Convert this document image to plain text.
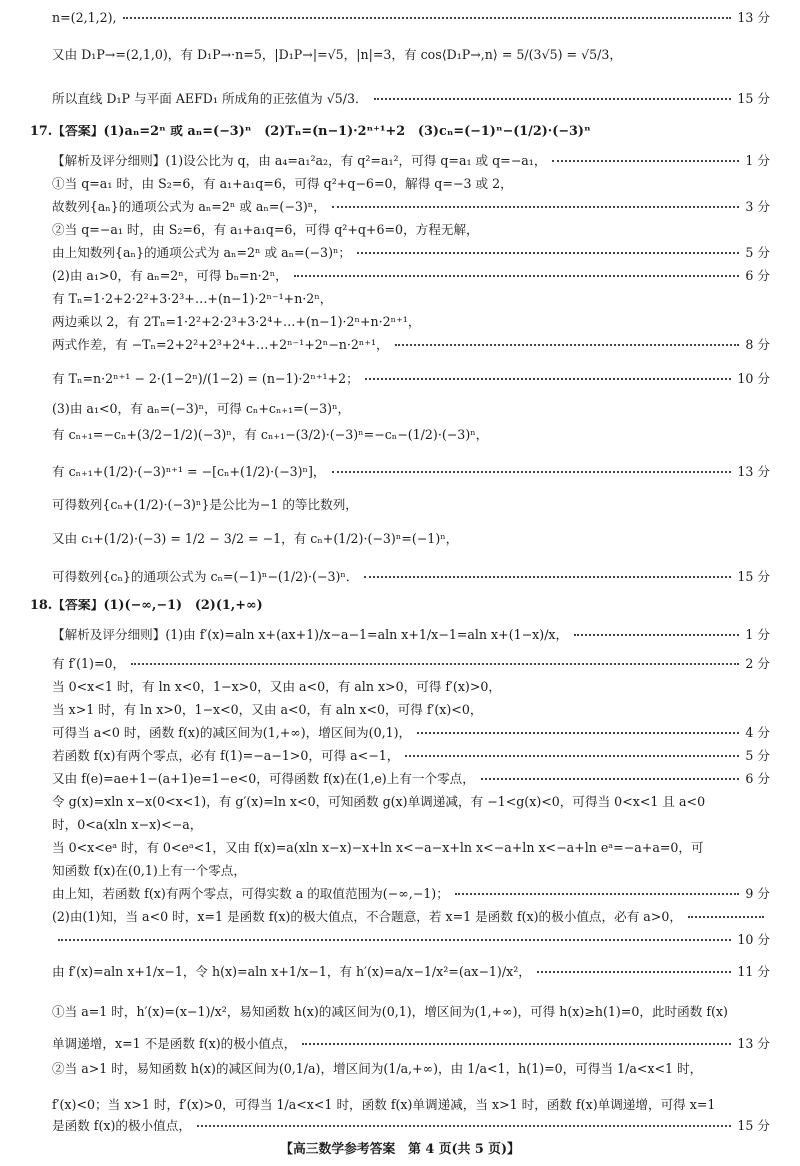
n=(2,1,2),	13 分
又由 D₁P→=(2,1,0)，有 D₁P→·n=5，|D₁P→|=√5，|n|=3，有 cos⟨D₁P→,n⟩ = 5/(3√5) = √5/3，
所以直线 D₁P 与平面 AEFD₁ 所成角的正弦值为 √5/3．	15 分
17.【答案】(1)aₙ=2ⁿ 或 aₙ=(−3)ⁿ　(2)Tₙ=(n−1)·2ⁿ⁺¹+2　(3)cₙ=(−1)ⁿ−(1/2)·(−3)ⁿ
【解析及评分细则】(1)设公比为 q，由 a₄=a₁²a₂，有 q²=a₁²，可得 q=a₁ 或 q=−a₁，	1 分
①当 q=a₁ 时，由 S₂=6，有 a₁+a₁q=6，可得 q²+q−6=0，解得 q=−3 或 2，
故数列{aₙ}的通项公式为 aₙ=2ⁿ 或 aₙ=(−3)ⁿ，	3 分
②当 q=−a₁ 时，由 S₂=6，有 a₁+a₁q=6，可得 q²+q+6=0，方程无解，
由上知数列{aₙ}的通项公式为 aₙ=2ⁿ 或 aₙ=(−3)ⁿ；	5 分
(2)由 a₁>0，有 aₙ=2ⁿ，可得 bₙ=n·2ⁿ，	6 分
有 Tₙ=1·2+2·2²+3·2³+…+(n−1)·2ⁿ⁻¹+n·2ⁿ，
两边乘以 2，有 2Tₙ=1·2²+2·2³+3·2⁴+…+(n−1)·2ⁿ+n·2ⁿ⁺¹，
两式作差，有 −Tₙ=2+2²+2³+2⁴+…+2ⁿ⁻¹+2ⁿ−n·2ⁿ⁺¹，	8 分
有 Tₙ=n·2ⁿ⁺¹ − 2·(1−2ⁿ)/(1−2) = (n−1)·2ⁿ⁺¹+2；	10 分
(3)由 a₁<0，有 aₙ=(−3)ⁿ，可得 cₙ+cₙ₊₁=(−3)ⁿ，
有 cₙ₊₁=−cₙ+(3/2−1/2)(−3)ⁿ，有 cₙ₊₁−(3/2)·(−3)ⁿ=−cₙ−(1/2)·(−3)ⁿ，
有 cₙ₊₁+(1/2)·(−3)ⁿ⁺¹ = −[cₙ+(1/2)·(−3)ⁿ]，	13 分
可得数列{cₙ+(1/2)·(−3)ⁿ}是公比为−1 的等比数列，
又由 c₁+(1/2)·(−3) = 1/2 − 3/2 = −1，有 cₙ+(1/2)·(−3)ⁿ=(−1)ⁿ，
可得数列{cₙ}的通项公式为 cₙ=(−1)ⁿ−(1/2)·(−3)ⁿ．	15 分
18.【答案】(1)(−∞,−1)　(2)(1,+∞)
【解析及评分细则】(1)由 f′(x)=aln x+(ax+1)/x−a−1=aln x+1/x−1=aln x+(1−x)/x，	1 分
有 f′(1)=0，	2 分
当 0<x<1 时，有 ln x<0，1−x>0，又由 a<0，有 aln x>0，可得 f′(x)>0，
当 x>1 时，有 ln x>0，1−x<0，又由 a<0，有 aln x<0，可得 f′(x)<0，
可得当 a<0 时，函数 f(x)的减区间为(1,+∞)，增区间为(0,1)，	4 分
若函数 f(x)有两个零点，必有 f(1)=−a−1>0，可得 a<−1，	5 分
又由 f(e)=ae+1−(a+1)e=1−e<0，可得函数 f(x)在(1,e)上有一个零点，	6 分
令 g(x)=xln x−x(0<x<1)，有 g′(x)=ln x<0，可知函数 g(x)单调递减，有 −1<g(x)<0，可得当 0<x<1 且 a<0
时，0<a(xln x−x)<−a，
当 0<x<eᵃ 时，有 0<eᵃ<1，又由 f(x)=a(xln x−x)−x+ln x<−a−x+ln x<−a+ln x<−a+ln eᵃ=−a+a=0，可
知函数 f(x)在(0,1)上有一个零点，
由上知，若函数 f(x)有两个零点，可得实数 a 的取值范围为(−∞,−1)；	9 分
(2)由(1)知，当 a<0 时，x=1 是函数 f(x)的极大值点，不合题意，若 x=1 是函数 f(x)的极小值点，必有 a>0，
10 分
由 f′(x)=aln x+1/x−1，令 h(x)=aln x+1/x−1，有 h′(x)=a/x−1/x²=(ax−1)/x²，	11 分
①当 a=1 时，h′(x)=(x−1)/x²，易知函数 h(x)的减区间为(0,1)，增区间为(1,+∞)，可得 h(x)≥h(1)=0，此时函数 f(x)
单调递增，x=1 不是函数 f(x)的极小值点，	13 分
②当 a>1 时，易知函数 h(x)的减区间为(0,1/a)，增区间为(1/a,+∞)，由 1/a<1，h(1)=0，可得当 1/a<x<1 时，
f′(x)<0；当 x>1 时，f′(x)>0，可得当 1/a<x<1 时，函数 f(x)单调递减，当 x>1 时，函数 f(x)单调递增，可得 x=1
是函数 f(x)的极小值点，	15 分
【高三数学参考答案　第 4 页(共 5 页)】
